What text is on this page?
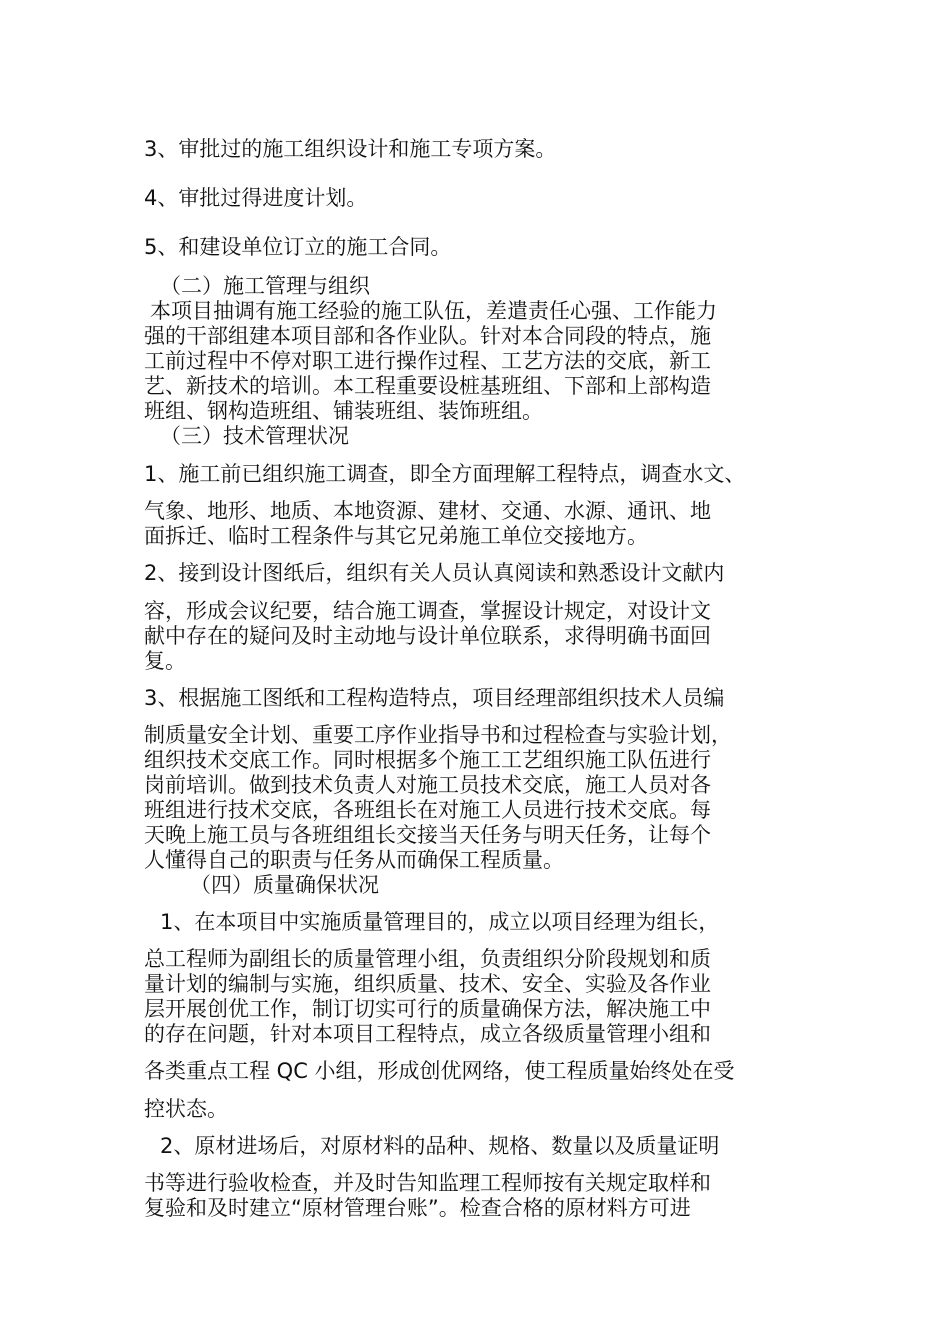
3、审批过的施工组织设计和施工专项方案。
4、审批过得进度计划。
5、和建设单位订立的施工合同。
（二）施工管理与组织
本项目抽调有施工经验的施工队伍，差遣责任心强、工作能力
强的干部组建本项目部和各作业队。针对本合同段的特点，施
工前过程中不停对职工进行操作过程、工艺方法的交底，新工
艺、新技术的培训。本工程重要设桩基班组、下部和上部构造
班组、钢构造班组、铺装班组、装饰班组。
（三）技术管理状况
1、施工前已组织施工调查，即全方面理解工程特点，调查水文、
气象、地形、地质、本地资源、建材、交通、水源、通讯、地
面拆迁、临时工程条件与其它兄弟施工单位交接地方。
2、接到设计图纸后，组织有关人员认真阅读和熟悉设计文献内
容，形成会议纪要，结合施工调查，掌握设计规定，对设计文
献中存在的疑问及时主动地与设计单位联系，求得明确书面回
复。
3、根据施工图纸和工程构造特点，项目经理部组织技术人员编
制质量安全计划、重要工序作业指导书和过程检查与实验计划，
组织技术交底工作。同时根据多个施工工艺组织施工队伍进行
岗前培训。做到技术负责人对施工员技术交底，施工人员对各
班组进行技术交底，各班组长在对施工人员进行技术交底。每
天晚上施工员与各班组组长交接当天任务与明天任务，让每个
人懂得自己的职责与任务从而确保工程质量。
（四）质量确保状况
1、在本项目中实施质量管理目的，成立以项目经理为组长，
总工程师为副组长的质量管理小组，负责组织分阶段规划和质
量计划的编制与实施，组织质量、技术、安全、实验及各作业
层开展创优工作，制订切实可行的质量确保方法，解决施工中
的存在问题，针对本项目工程特点，成立各级质量管理小组和
各类重点工程 QC 小组，形成创优网络，使工程质量始终处在受
控状态。
2、原材进场后，对原材料的品种、规格、数量以及质量证明
书等进行验收检查，并及时告知监理工程师按有关规定取样和
复验和及时建立“原材管理台账”。检查合格的原材料方可进
